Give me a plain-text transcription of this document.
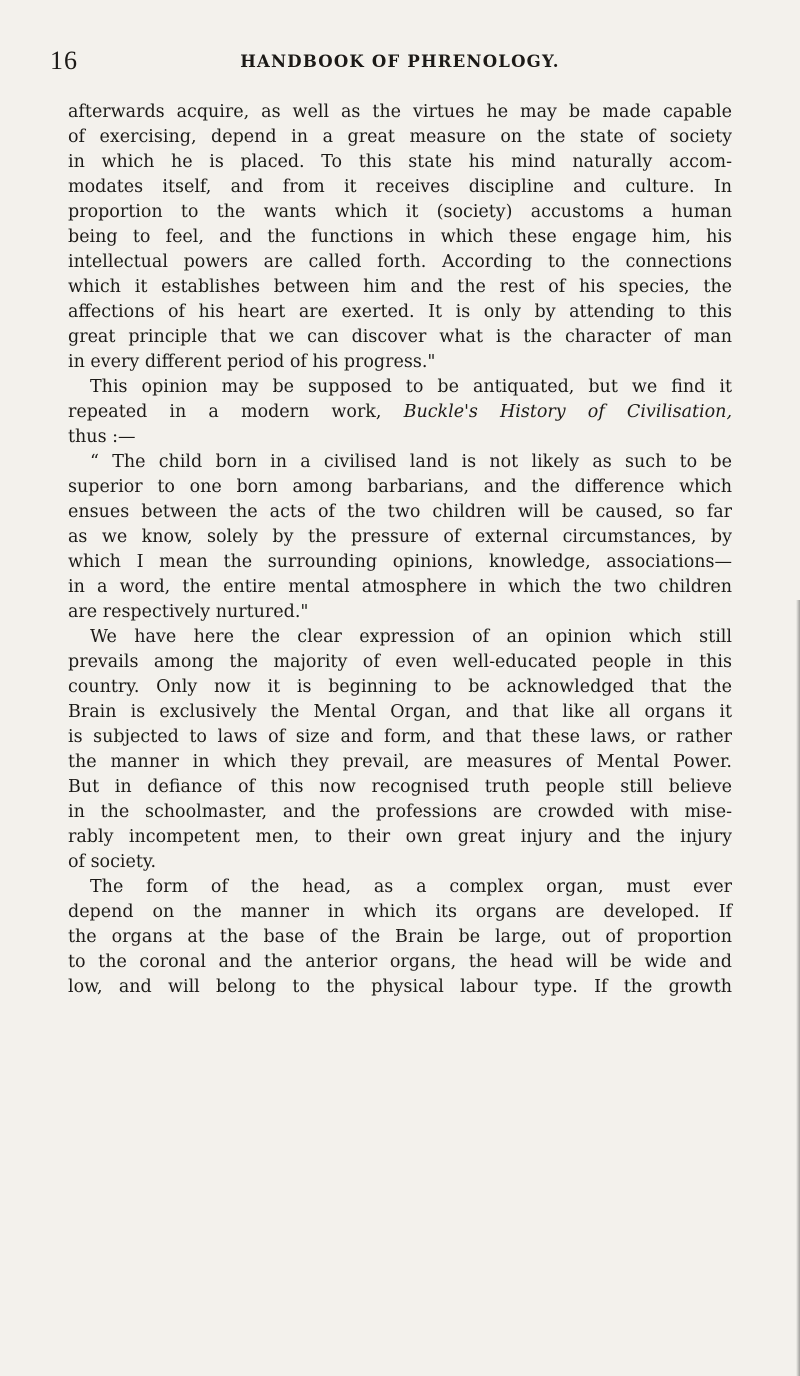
16	HANDBOOK OF PHRENOLOGY.
afterwards acquire, as well as the virtues he may be made capable
of exercising, depend in a great measure on the state of society
in which he is placed. To this state his mind naturally accom-
modates itself, and from it receives discipline and culture. In
proportion to the wants which it (society) accustoms a human
being to feel, and the functions in which these engage him, his
intellectual powers are called forth. According to the connections
which it establishes between him and the rest of his species, the
affections of his heart are exerted. It is only by attending to this
great principle that we can discover what is the character of man
in every different period of his progress."
This opinion may be supposed to be antiquated, but we find it
repeated in a modern work, Buckle's History of Civilisation,
thus :—
“ The child born in a civilised land is not likely as such to be
superior to one born among barbarians, and the difference which
ensues between the acts of the two children will be caused, so far
as we know, solely by the pressure of external circumstances, by
which I mean the surrounding opinions, knowledge, associations—
in a word, the entire mental atmosphere in which the two children
are respectively nurtured."
We have here the clear expression of an opinion which still
prevails among the majority of even well-educated people in this
country. Only now it is beginning to be acknowledged that the
Brain is exclusively the Mental Organ, and that like all organs it
is subjected to laws of size and form, and that these laws, or rather
the manner in which they prevail, are measures of Mental Power.
But in defiance of this now recognised truth people still believe
in the schoolmaster, and the professions are crowded with mise-
rably incompetent men, to their own great injury and the injury
of society.
The form of the head, as a complex organ, must ever
depend on the manner in which its organs are developed. If
the organs at the base of the Brain be large, out of proportion
to the coronal and the anterior organs, the head will be wide and
low, and will belong to the physical labour type. If the growth
